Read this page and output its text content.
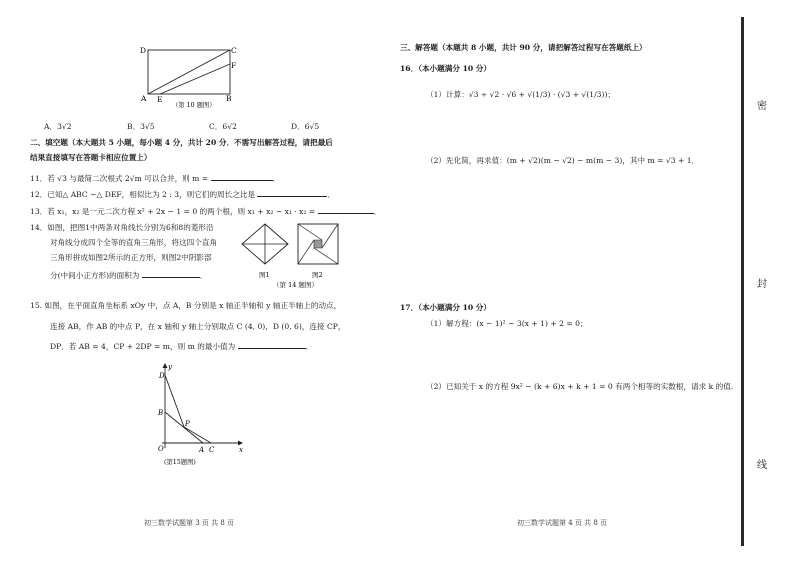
D	C
F
A E	B
（第 10 题图）
A．3√2	B．3√5	C．6√2	D．6√5
二、填空题（本大题共 5 小题，每小题 4 分，共计 20 分．不需写出解答过程，请把最后
结果直接填写在答题卡相应位置上）
11．若 √3 与最简二次根式 2√m 可以合并，则 m =	．
12．已知△ ABC ∽△ DEF，相似比为 2 : 3，则它们的周长之比是	．
13．若 x₁，x₂ 是一元二次方程 x² + 2x − 1 = 0 的两个根，则 x₁ + x₂ − x₁ · x₂ =	．
14．如图，把图1中两条对角线长分别为6和8的菱形沿
对角线分成四个全等的直角三角形，将这四个直角
三角形拼成如图2所示的正方形，则图2中阴影部
分(中间小正方形)的面积为	．	图1	图2
（第 14 题图）
15. 如图，在平面直角坐标系 xOy 中，点 A，B 分别是 x 轴正半轴和 y 轴正半轴上的动点，
连接 AB，作 AB 的中点 P，在 x 轴和 y 轴上分别取点 C (4, 0)，D (0, 6)，连接 CP，
DP．若 AB = 4，CP + 2DP = m，则 m 的最小值为	．
y
D
B
P
O	A C	x
(第15题图)
初三数学试题第 3 页 共 8 页
三、解答题（本题共 8 小题，共计 90 分，请把解答过程写在答题纸上）
16．（本小题满分 10 分）
（1）计算：√3 ÷ √2 · √6 + √(1/3) · (√3 + √(1/3))；
（2）先化简，再求值：(m + √2)(m − √2) − m(m − 3)，其中 m = √3 + 1．
17．（本小题满分 10 分）
（1）解方程：(x − 1)² − 3(x + 1) + 2 = 0；
（2）已知关于 x 的方程 9x² − (k + 6)x + k + 1 = 0 有两个相等的实数根，请求 k 的值.
初三数学试题第 4 页 共 8 页
密
封
线
